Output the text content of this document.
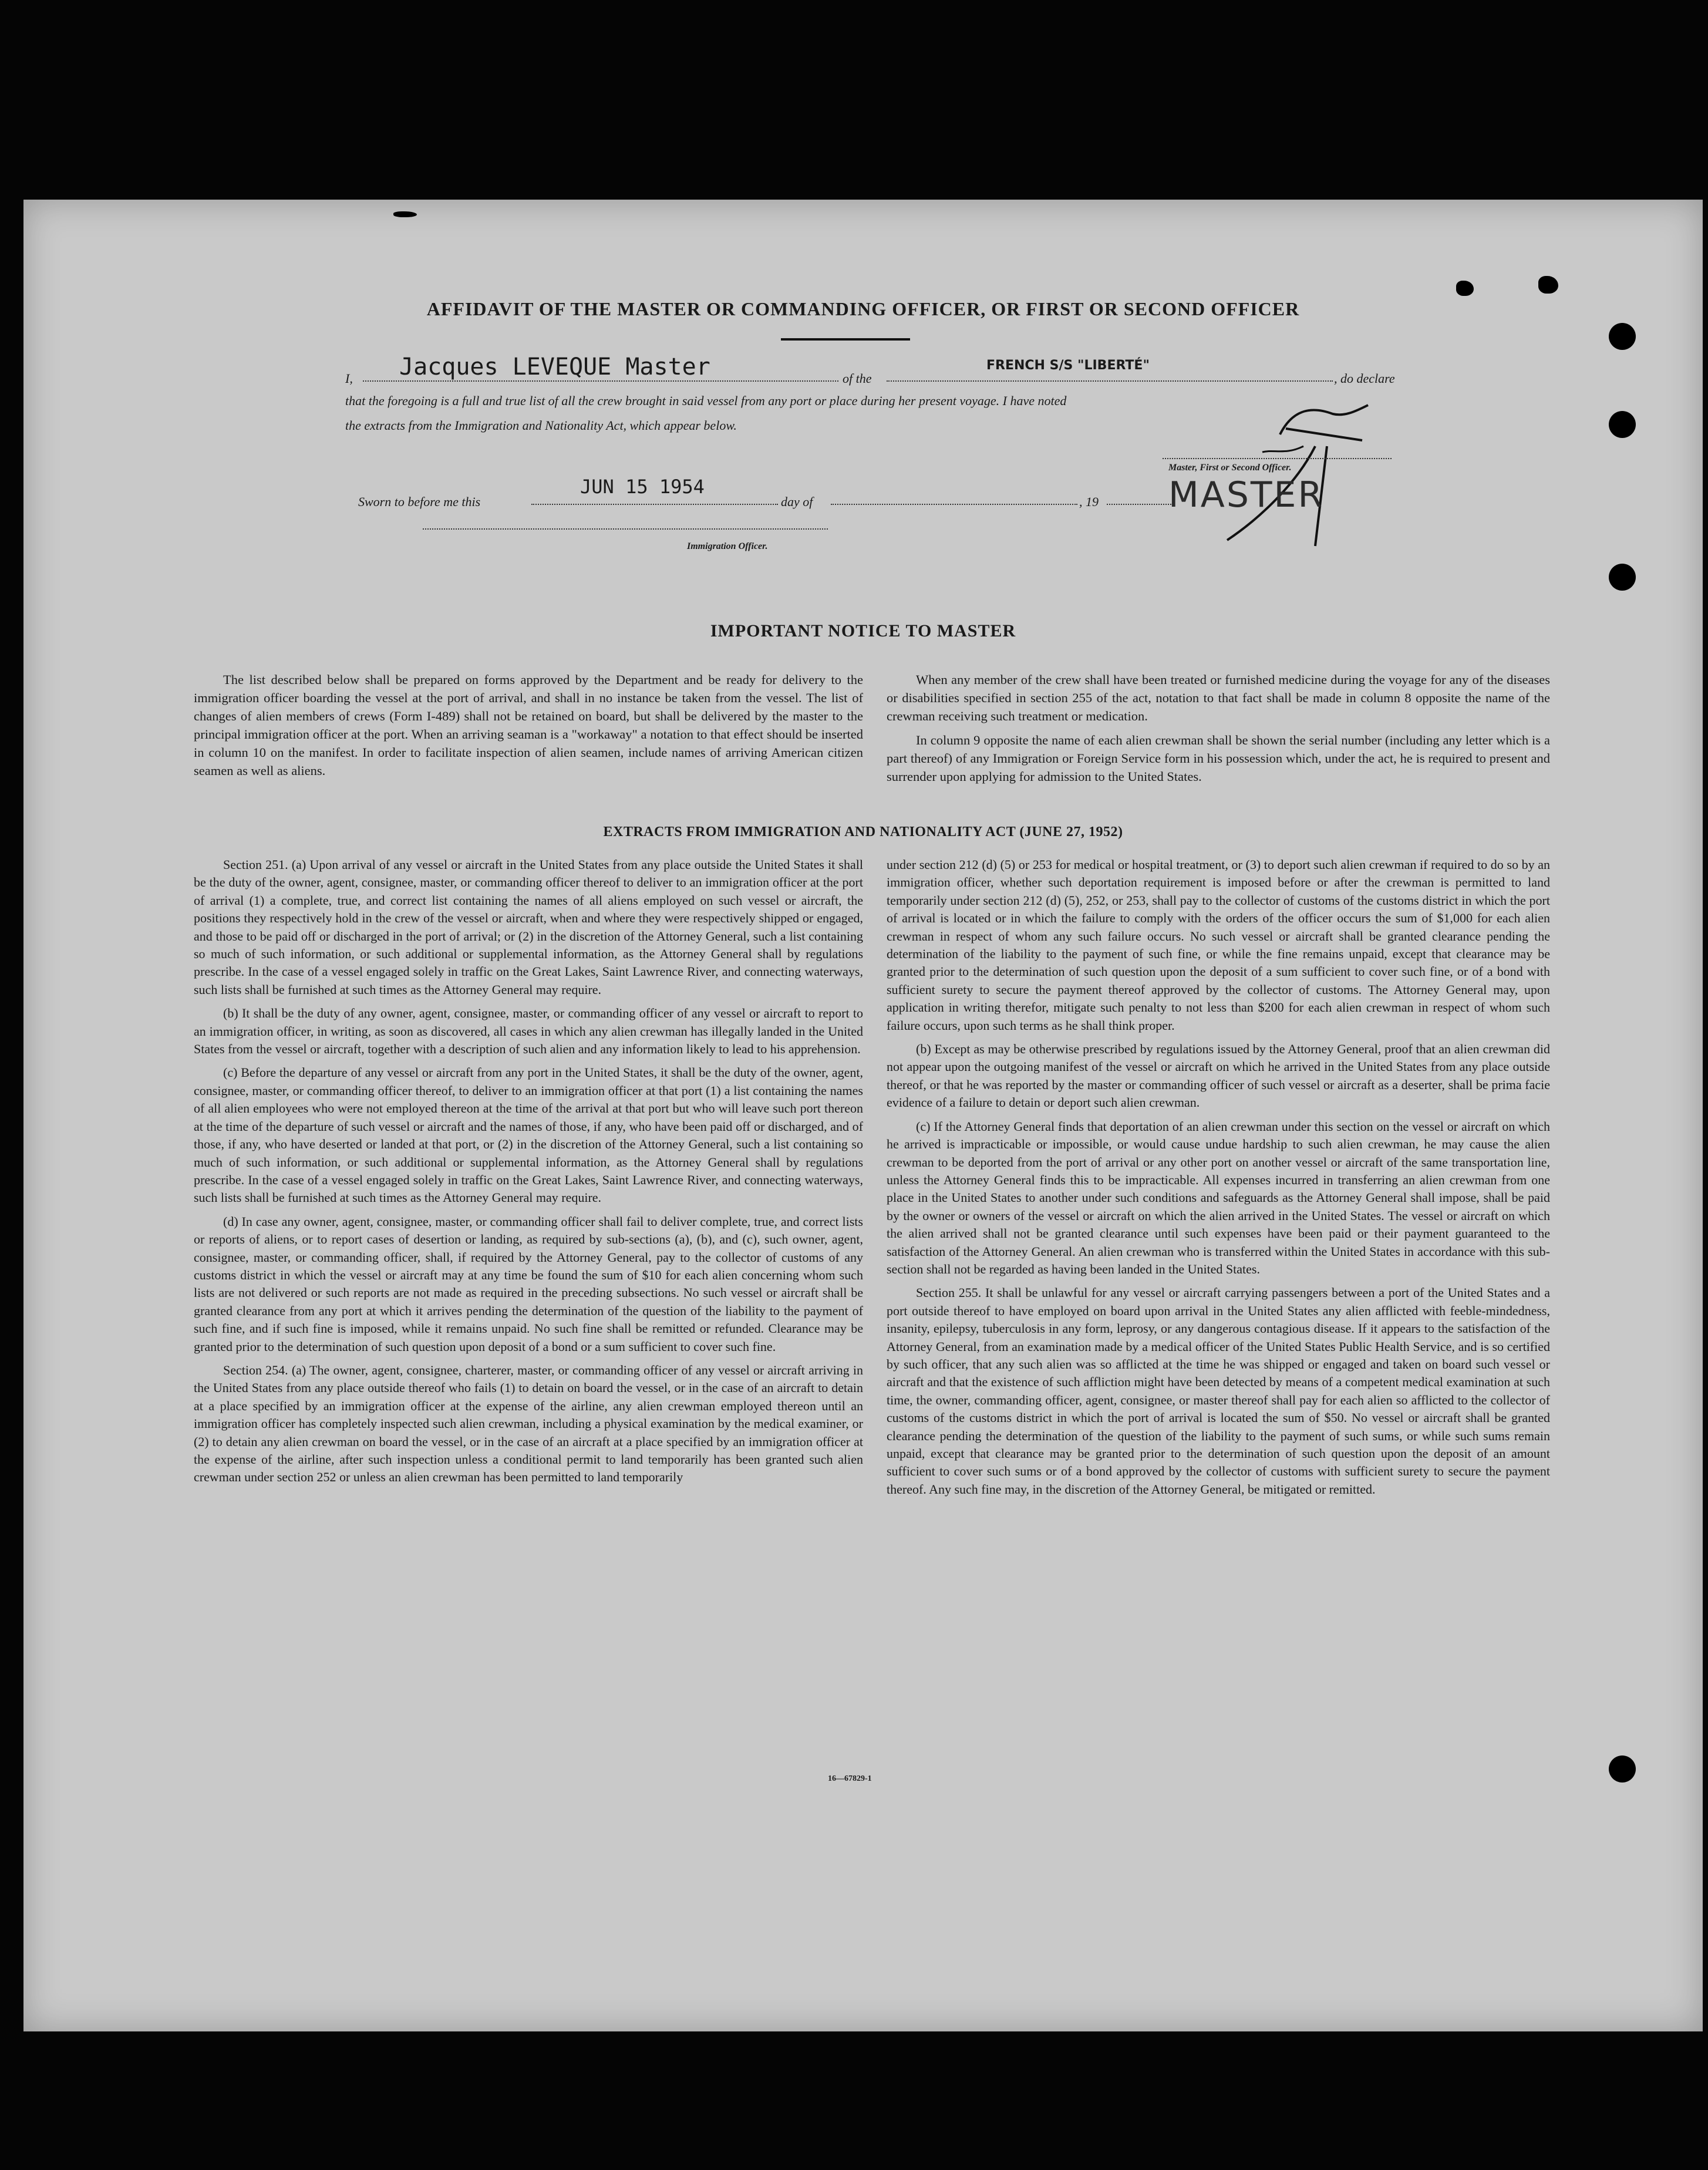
AFFIDAVIT OF THE MASTER OR COMMANDING OFFICER, OR FIRST OR SECOND OFFICER
I, Jacques LEVEQUE Master	of the
FRENCH S/S "LIBERTÉ"
, do declare
that the foregoing is a full and true list of all the crew brought in said vessel from any port or place during her present voyage. I have noted
the extracts from the Immigration and Nationality Act, which appear below.
Master, First or Second Officer.
MASTER
Sworn to before me this
JUN 15 1954
day of	, 19
Immigration Officer.
IMPORTANT NOTICE TO MASTER

The list described below shall be prepared on forms approved by the Department and be ready for delivery to the immigration officer boarding the vessel at the port of arrival, and shall in no instance be taken from the vessel. The list of changes of alien members of crews (Form I-489) shall not be retained on board, but shall be delivered by the master to the principal immigration officer at the port. When an arriving seaman is a "workaway" a notation to that effect should be inserted in column 10 on the manifest. In order to facilitate inspection of alien seamen, include names of arriving American citizen seamen as well as aliens.

When any member of the crew shall have been treated or furnished medicine during the voyage for any of the diseases or disabilities specified in section 255 of the act, notation to that fact shall be made in column 8 opposite the name of the crewman receiving such treatment or medication.

In column 9 opposite the name of each alien crewman shall be shown the serial number (including any letter which is a part thereof) of any Immigration or Foreign Service form in his possession which, under the act, he is required to present and surrender upon applying for admission to the United States.

EXTRACTS FROM IMMIGRATION AND NATIONALITY ACT (JUNE 27, 1952)

Section 251. (a) Upon arrival of any vessel or aircraft in the United States from any place outside the United States it shall be the duty of the owner, agent, consignee, master, or commanding officer thereof to deliver to an immigration officer at the port of arrival (1) a complete, true, and correct list containing the names of all aliens employed on such vessel or aircraft, the positions they respectively hold in the crew of the vessel or aircraft, when and where they were respectively shipped or engaged, and those to be paid off or discharged in the port of arrival; or (2) in the discretion of the Attorney General, such a list containing so much of such information, or such additional or supplemental information, as the Attorney General shall by regulations prescribe. In the case of a vessel engaged solely in traffic on the Great Lakes, Saint Lawrence River, and connecting waterways, such lists shall be furnished at such times as the Attorney General may require.

(b) It shall be the duty of any owner, agent, consignee, master, or commanding officer of any vessel or aircraft to report to an immigration officer, in writing, as soon as discovered, all cases in which any alien crewman has illegally landed in the United States from the vessel or aircraft, together with a description of such alien and any information likely to lead to his apprehension.

(c) Before the departure of any vessel or aircraft from any port in the United States, it shall be the duty of the owner, agent, consignee, master, or commanding officer thereof, to deliver to an immigration officer at that port (1) a list containing the names of all alien employees who were not employed thereon at the time of the arrival at that port but who will leave such port thereon at the time of the departure of such vessel or aircraft and the names of those, if any, who have been paid off or discharged, and of those, if any, who have deserted or landed at that port, or (2) in the discretion of the Attorney General, such a list containing so much of such information, or such additional or supplemental information, as the Attorney General shall by regulations prescribe. In the case of a vessel engaged solely in traffic on the Great Lakes, Saint Lawrence River, and connecting waterways, such lists shall be furnished at such times as the Attorney General may require.

(d) In case any owner, agent, consignee, master, or commanding officer shall fail to deliver complete, true, and correct lists or reports of aliens, or to report cases of desertion or landing, as required by sub-sections (a), (b), and (c), such owner, agent, consignee, master, or commanding officer, shall, if required by the Attorney General, pay to the collector of customs of any customs district in which the vessel or aircraft may at any time be found the sum of $10 for each alien concerning whom such lists are not delivered or such reports are not made as required in the preceding subsections. No such vessel or aircraft shall be granted clearance from any port at which it arrives pending the determination of the question of the liability to the payment of such fine, and if such fine is imposed, while it remains unpaid. No such fine shall be remitted or refunded. Clearance may be granted prior to the determination of such question upon deposit of a bond or a sum sufficient to cover such fine.

Section 254. (a) The owner, agent, consignee, charterer, master, or commanding officer of any vessel or aircraft arriving in the United States from any place outside thereof who fails (1) to detain on board the vessel, or in the case of an aircraft to detain at a place specified by an immigration officer at the expense of the airline, any alien crewman employed thereon until an immigration officer has completely inspected such alien crewman, including a physical examination by the medical examiner, or (2) to detain any alien crewman on board the vessel, or in the case of an aircraft at a place specified by an immigration officer at the expense of the airline, after such inspection unless a conditional permit to land temporarily has been granted such alien crewman under section 252 or unless an alien crewman has been permitted to land temporarily

under section 212 (d) (5) or 253 for medical or hospital treatment, or (3) to deport such alien crewman if required to do so by an immigration officer, whether such deportation requirement is imposed before or after the crewman is permitted to land temporarily under section 212 (d) (5), 252, or 253, shall pay to the collector of customs of the customs district in which the port of arrival is located or in which the failure to comply with the orders of the officer occurs the sum of $1,000 for each alien crewman in respect of whom any such failure occurs. No such vessel or aircraft shall be granted clearance pending the determination of the liability to the payment of such fine, or while the fine remains unpaid, except that clearance may be granted prior to the determination of such question upon the deposit of a sum sufficient to cover such fine, or of a bond with sufficient surety to secure the payment thereof approved by the collector of customs. The Attorney General may, upon application in writing therefor, mitigate such penalty to not less than $200 for each alien crewman in respect of whom such failure occurs, upon such terms as he shall think proper.

(b) Except as may be otherwise prescribed by regulations issued by the Attorney General, proof that an alien crewman did not appear upon the outgoing manifest of the vessel or aircraft on which he arrived in the United States from any place outside thereof, or that he was reported by the master or commanding officer of such vessel or aircraft as a deserter, shall be prima facie evidence of a failure to detain or deport such alien crewman.

(c) If the Attorney General finds that deportation of an alien crewman under this section on the vessel or aircraft on which he arrived is impracticable or impossible, or would cause undue hardship to such alien crewman, he may cause the alien crewman to be deported from the port of arrival or any other port on another vessel or aircraft of the same transportation line, unless the Attorney General finds this to be impracticable. All expenses incurred in transferring an alien crewman from one place in the United States to another under such conditions and safeguards as the Attorney General shall impose, shall be paid by the owner or owners of the vessel or aircraft on which the alien arrived in the United States. The vessel or aircraft on which the alien arrived shall not be granted clearance until such expenses have been paid or their payment guaranteed to the satisfaction of the Attorney General. An alien crewman who is transferred within the United States in accordance with this sub-section shall not be regarded as having been landed in the United States.

Section 255. It shall be unlawful for any vessel or aircraft carrying passengers between a port of the United States and a port outside thereof to have employed on board upon arrival in the United States any alien afflicted with feeble-mindedness, insanity, epilepsy, tuberculosis in any form, leprosy, or any dangerous contagious disease. If it appears to the satisfaction of the Attorney General, from an examination made by a medical officer of the United States Public Health Service, and is so certified by such officer, that any such alien was so afflicted at the time he was shipped or engaged and taken on board such vessel or aircraft and that the existence of such affliction might have been detected by means of a competent medical examination at such time, the owner, commanding officer, agent, consignee, or master thereof shall pay for each alien so afflicted to the collector of customs of the customs district in which the port of arrival is located the sum of $50. No vessel or aircraft shall be granted clearance pending the determination of the question of the liability to the payment of such sums, or while such sums remain unpaid, except that clearance may be granted prior to the determination of such question upon the deposit of an amount sufficient to cover such sums or of a bond approved by the collector of customs with sufficient surety to secure the payment thereof. Any such fine may, in the discretion of the Attorney General, be mitigated or remitted.

16—67829-1
